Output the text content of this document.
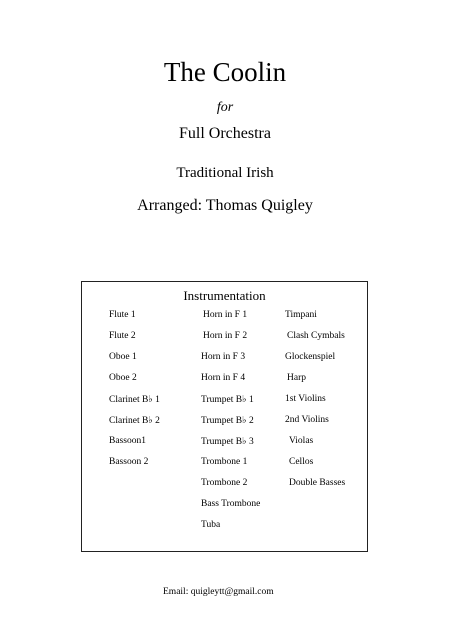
The Coolin
for
Full Orchestra
Traditional Irish
Arranged: Thomas Quigley
Instrumentation
Flute 1
Flute 2
Oboe 1
Oboe 2
Clarinet B♭ 1
Clarinet B♭ 2
Bassoon1
Bassoon 2
Horn in F 1
Horn in F 2
Horn in F 3
Horn in F 4
Trumpet B♭ 1
Trumpet B♭ 2
Trumpet B♭ 3
Trombone 1
Trombone 2
Bass Trombone
Tuba
Timpani
Clash Cymbals
Glockenspiel
Harp
1st Violins
2nd Violins
Violas
Cellos
Double Basses
Email: quigleytt@gmail.com
